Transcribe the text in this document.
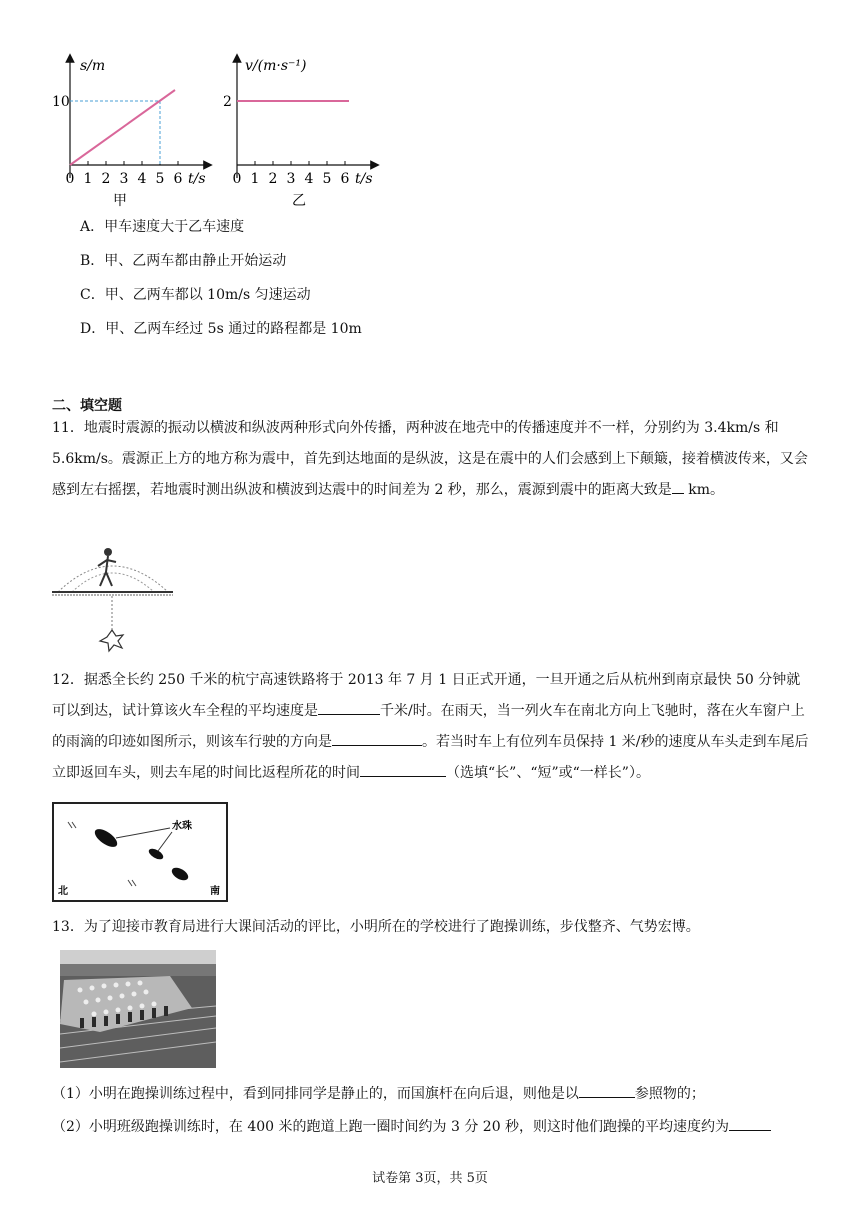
s/m
10
t/s
0 1 2 3 4 5 6
甲
v/(m·s⁻¹)
2
t/s
0 1 2 3 4 5 6
乙
A．甲车速度大于乙车速度
B．甲、乙两车都由静止开始运动
C．甲、乙两车都以 10m/s 匀速运动
D．甲、乙两车经过 5s 通过的路程都是 10m
二、填空题
11．地震时震源的振动以横波和纵波两种形式向外传播，两种波在地壳中的传播速度并不一样，分别约为 3.4km/s 和 5.6km/s。震源正上方的地方称为震中，首先到达地面的是纵波，这是在震中的人们会感到上下颠簸，接着横波传来，又会感到左右摇摆，若地震时测出纵波和横波到达震中的时间差为 2 秒，那么，震源到震中的距离大致是 km。
12．据悉全长约 250 千米的杭宁高速铁路将于 2013 年 7 月 1 日正式开通，一旦开通之后从杭州到南京最快 50 分钟就可以到达，试计算该火车全程的平均速度是	千米/时。在雨天，当一列火车在南北方向上飞驰时，落在火车窗户上的雨滴的印迹如图所示，则该车行驶的方向是	。若当时车上有位列车员保持 1 米/秒的速度从车头走到车尾后立即返回车头，则去车尾的时间比返程所花的时间	（选填“长”、“短”或“一样长”）。
水珠
北	南
13．为了迎接市教育局进行大课间活动的评比，小明所在的学校进行了跑操训练，步伐整齐、气势宏博。
（1）小明在跑操训练过程中，看到同排同学是静止的，而国旗杆在向后退，则他是以	参照物的；
（2）小明班级跑操训练时，在 400 米的跑道上跑一圈时间约为 3 分 20 秒，则这时他们跑操的平均速度约为
试卷第 3页，共 5页
